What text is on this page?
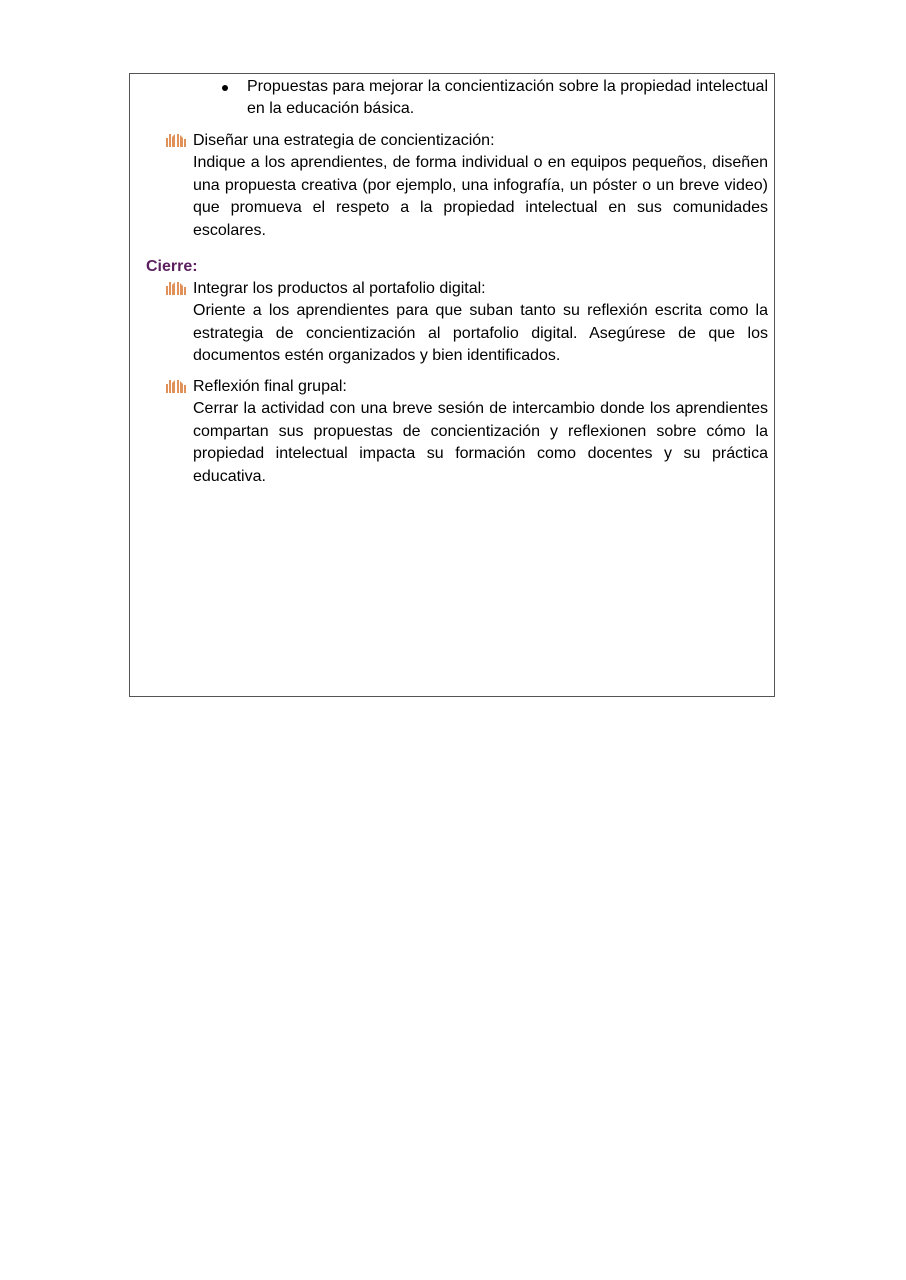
Propuestas para mejorar la concientización sobre la propiedad intelectual en la educación básica.
Diseñar una estrategia de concientización:
Indique a los aprendientes, de forma individual o en equipos pequeños, diseñen una propuesta creativa (por ejemplo, una infografía, un póster o un breve video) que promueva el respeto a la propiedad intelectual en sus comunidades escolares.
Cierre:
Integrar los productos al portafolio digital:
Oriente a los aprendientes para que suban tanto su reflexión escrita como la estrategia de concientización al portafolio digital. Asegúrese de que los documentos estén organizados y bien identificados.
Reflexión final grupal:
Cerrar la actividad con una breve sesión de intercambio donde los aprendientes compartan sus propuestas de concientización y reflexionen sobre cómo la propiedad intelectual impacta su formación como docentes y su práctica educativa.
